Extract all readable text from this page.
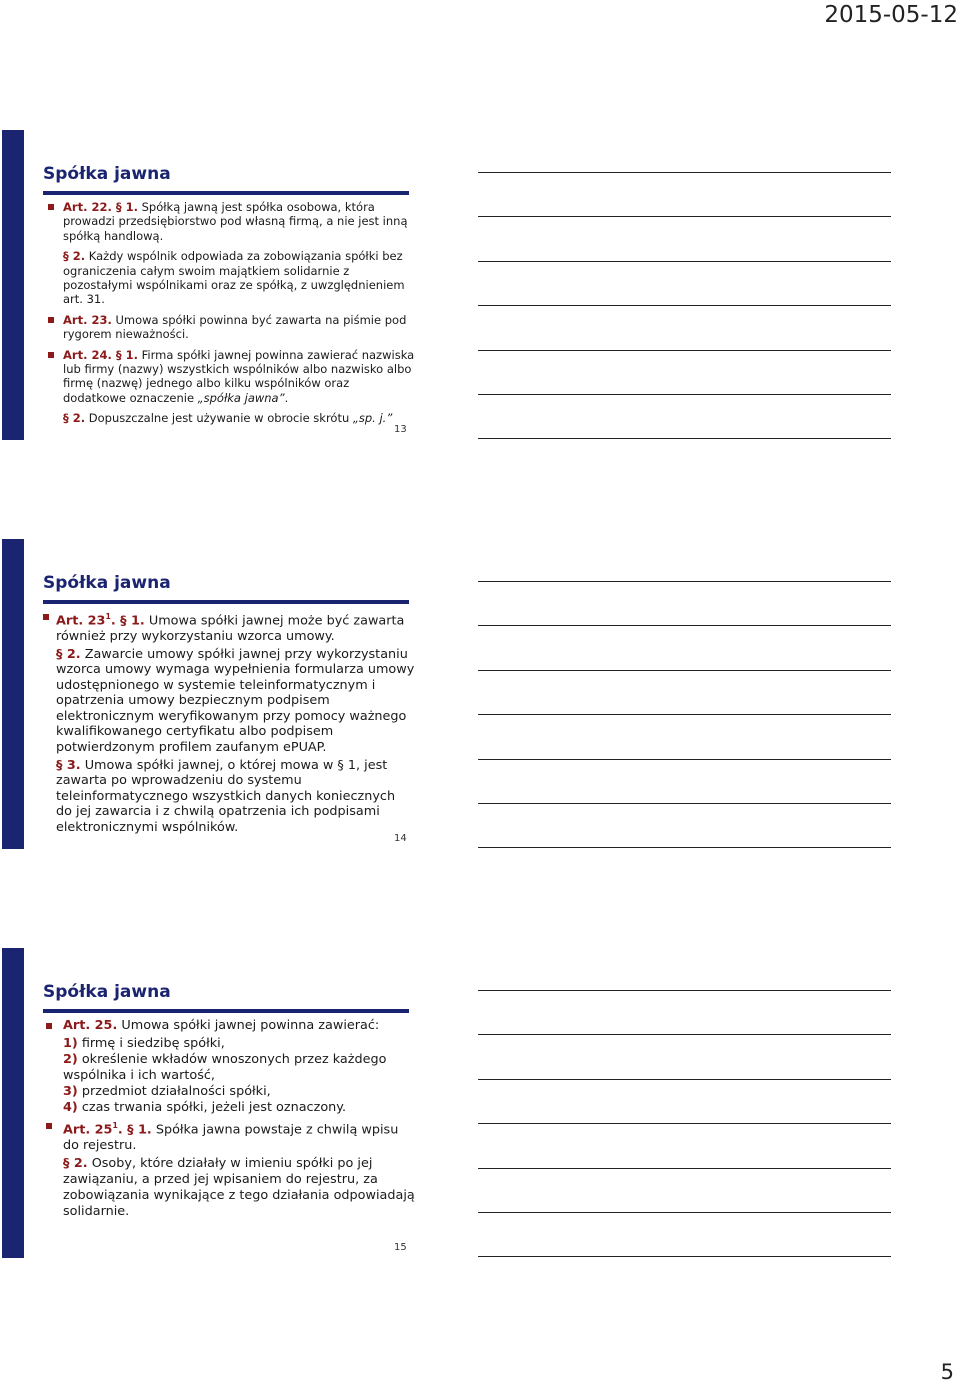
2015-05-12
Spółka jawna

Art. 22. § 1. Spółką jawną jest spółka osobowa, która prowadzi przedsiębiorstwo pod własną firmą, a nie jest inną spółką handlową.

§ 2. Każdy wspólnik odpowiada za zobowiązania spółki bez ograniczenia całym swoim majątkiem solidarnie z pozostałymi wspólnikami oraz ze spółką, z uwzględnieniem art. 31.

Art. 23. Umowa spółki powinna być zawarta na piśmie pod rygorem nieważności.

Art. 24. § 1. Firma spółki jawnej powinna zawierać nazwiska lub firmy (nazwy) wszystkich wspólników albo nazwisko albo firmę (nazwę) jednego albo kilku wspólników oraz dodatkowe oznaczenie „spółka jawna”.

§ 2. Dopuszczalne jest używanie w obrocie skrótu „sp. j.”

13
Spółka jawna

Art. $23^1$. § 1. Umowa spółki jawnej może być zawarta również przy wykorzystaniu wzorca umowy.

§ 2. Zawarcie umowy spółki jawnej przy wykorzystaniu wzorca umowy wymaga wypełnienia formularza umowy udostępnionego w systemie teleinformatycznym i opatrzenia umowy bezpiecznym podpisem elektronicznym weryfikowanym przy pomocy ważnego kwalifikowanego certyfikatu albo podpisem potwierdzonym profilem zaufanym ePUAP.

§ 3. Umowa spółki jawnej, o której mowa w § 1, jest zawarta po wprowadzeniu do systemu teleinformatycznego wszystkich danych koniecznych do jej zawarcia i z chwilą opatrzenia ich podpisami elektronicznymi wspólników.

14
Spółka jawna

Art. 25. Umowa spółki jawnej powinna zawierać:

1) firmę i siedzibę spółki,

2) określenie wkładów wnoszonych przez każdego wspólnika i ich wartość,

3) przedmiot działalności spółki,

4) czas trwania spółki, jeżeli jest oznaczony.

Art. $25^1$. § 1. Spółka jawna powstaje z chwilą wpisu do rejestru.

§ 2. Osoby, które działały w imieniu spółki po jej zawiązaniu, a przed jej wpisaniem do rejestru, za zobowiązania wynikające z tego działania odpowiadają solidarnie.

15
5
